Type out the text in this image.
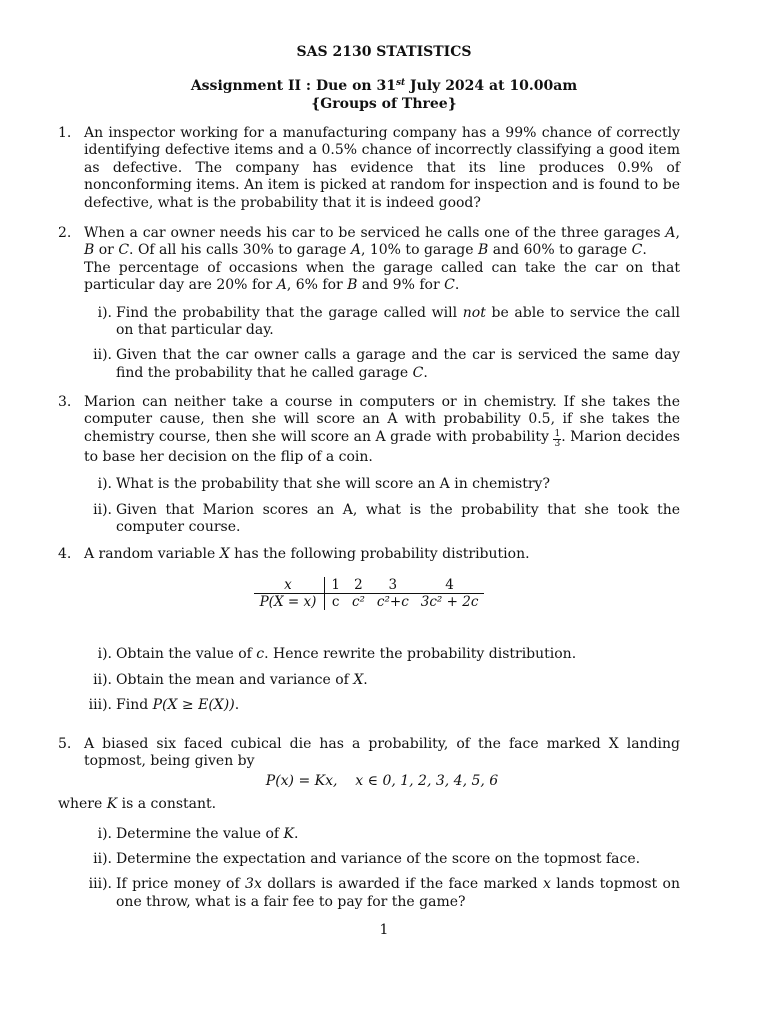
SAS 2130 STATISTICS
Assignment II : Due on 31st July 2024 at 10.00am
{Groups of Three}
1. An inspector working for a manufacturing company has a 99% chance of correctly identifying defective items and a 0.5% chance of incorrectly classifying a good item as defective. The company has evidence that its line produces 0.9% of nonconforming items. An item is picked at random for inspection and is found to be defective, what is the probability that it is indeed good?

2. When a car owner needs his car to be serviced he calls one of the three garages A, B or C. Of all his calls 30% to garage A, 10% to garage B and 60% to garage C.

The percentage of occasions when the garage called can take the car on that particular day are 20% for A, 6% for B and 9% for C.

i). Find the probability that the garage called will not be able to service the call on that particular day.
ii). Given that the car owner calls a garage and the car is serviced the same day find the probability that he called garage C.
3. Marion can neither take a course in computers or in chemistry. If she takes the computer cause, then she will score an A with probability 0.5, if she takes the chemistry course, then she will score an A grade with probability $\frac{1}{3}$ . Marion decides to base her decision on the flip of a coin.

i). What is the probability that she will score an A in chemistry?
ii). Given that Marion scores an A, what is the probability that she took the computer course.
4. A random variable X has the following probability distribution.

x	1	2	3	4
P(X = x)	c	c²	c²+c	3c² + 2c
i). Obtain the value of c. Hence rewrite the probability distribution.
ii). Obtain the mean and variance of X.
iii). Find P(X ≥ E(X)).
5. A biased six faced cubical die has a probability, of the face marked X landing topmost, being given by

P(x) = Kx, x ∈ 0, 1, 2, 3, 4, 5, 6

where K is a constant.

i). Determine the value of K.
ii). Determine the expectation and variance of the score on the topmost face.
iii). If price money of 3x dollars is awarded if the face marked x lands topmost on one throw, what is a fair fee to pay for the game?
1
